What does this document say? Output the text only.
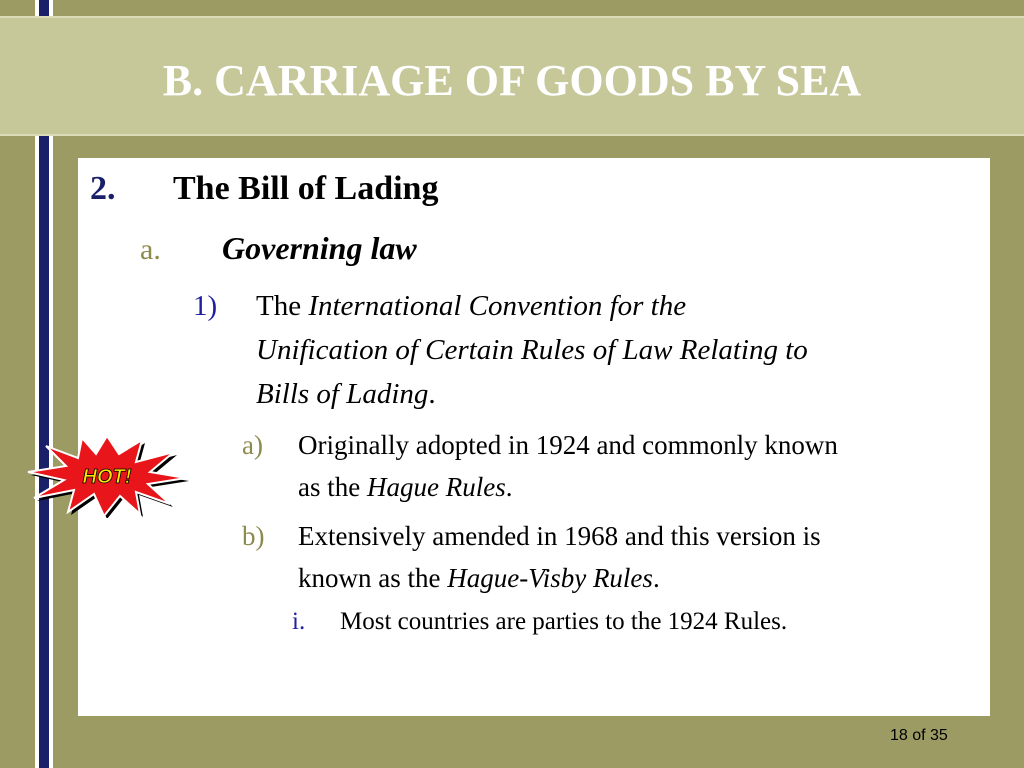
B. CARRIAGE OF GOODS BY SEA
2. The Bill of Lading
a. Governing law
1) The International Convention for the
Unification of Certain Rules of Law Relating to
Bills of Lading.
a) Originally adopted in 1924 and commonly known
as the Hague Rules.
b) Extensively amended in 1968 and this version is
known as the Hague-Visby Rules.
i. Most countries are parties to the 1924 Rules.
HOT!
18 of 35
